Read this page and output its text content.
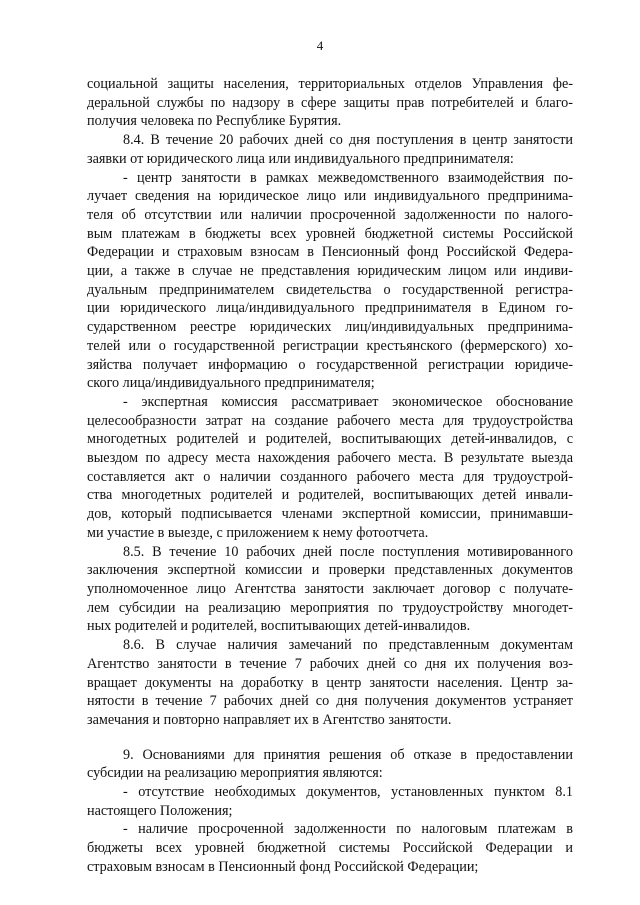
4

социальной защиты населения, территориальных отделов Управления фе-
деральной службы по надзору в сфере защиты прав потребителей и благо-
получия человека по Республике Бурятия.

8.4. В течение 20 рабочих дней со дня поступления в центр занятости
заявки от юридического лица или индивидуального предпринимателя:

- центр занятости в рамках межведомственного взаимодействия по-
лучает сведения на юридическое лицо или индивидуального предпринима-
теля об отсутствии или наличии просроченной задолженности по налого-
вым платежам в бюджеты всех уровней бюджетной системы Российской
Федерации и страховым взносам в Пенсионный фонд Российской Федера-
ции, а также в случае не представления юридическим лицом или индиви-
дуальным предпринимателем свидетельства о государственной регистра-
ции юридического лица/индивидуального предпринимателя в Едином го-
сударственном реестре юридических лиц/индивидуальных предпринима-
телей или о государственной регистрации крестьянского (фермерского) хо-
зяйства получает информацию о государственной регистрации юридиче-
ского лица/индивидуального предпринимателя;

- экспертная комиссия рассматривает экономическое обоснование
целесообразности затрат на создание рабочего места для трудоустройства
многодетных родителей и родителей, воспитывающих детей-инвалидов, с
выездом по адресу места нахождения рабочего места. В результате выезда
составляется акт о наличии созданного рабочего места для трудоустрой-
ства многодетных родителей и родителей, воспитывающих детей инвали-
дов, который подписывается членами экспертной комиссии, принимавши-
ми участие в выезде, с приложением к нему фотоотчета.

8.5. В течение 10 рабочих дней после поступления мотивированного
заключения экспертной комиссии и проверки представленных документов
уполномоченное лицо Агентства занятости заключает договор с получате-
лем субсидии на реализацию мероприятия по трудоустройству многодет-
ных родителей и родителей, воспитывающих детей-инвалидов.

8.6. В случае наличия замечаний по представленным документам
Агентство занятости в течение 7 рабочих дней со дня их получения воз-
вращает документы на доработку в центр занятости населения. Центр за-
нятости в течение 7 рабочих дней со дня получения документов устраняет
замечания и повторно направляет их в Агентство занятости.

9. Основаниями для принятия решения об отказе в предоставлении
субсидии на реализацию мероприятия являются:

- отсутствие необходимых документов, установленных пунктом 8.1
настоящего Положения;

- наличие просроченной задолженности по налоговым платежам в
бюджеты всех уровней бюджетной системы Российской Федерации и
страховым взносам в Пенсионный фонд Российской Федерации;
